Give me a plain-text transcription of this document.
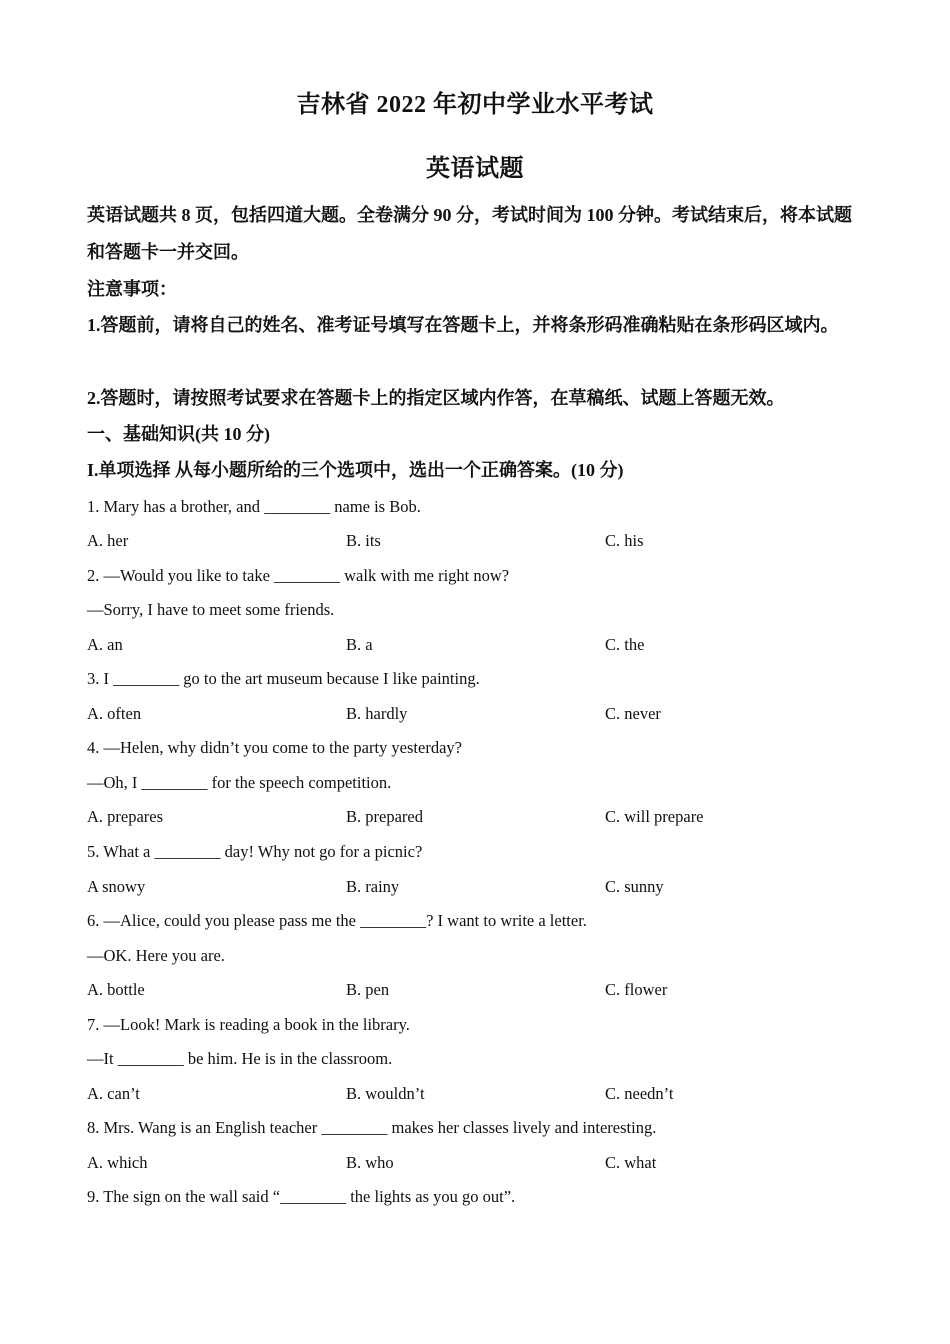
吉林省 2022 年初中学业水平考试
英语试题
英语试题共 8 页，包括四道大题。全卷满分 90 分，考试时间为 100 分钟。考试结束后，将本试题和答题卡一并交回。
注意事项：
1.答题前，请将自己的姓名、准考证号填写在答题卡上，并将条形码准确粘贴在条形码区域内。
2.答题时，请按照考试要求在答题卡上的指定区域内作答，在草稿纸、试题上答题无效。
一、基础知识(共 10 分)
I.单项选择 从每小题所给的三个选项中，选出一个正确答案。(10 分)
1. Mary has a brother, and ________ name is Bob.
A. her	B. its	C. his
2. —Would you like to take ________ walk with me right now?
—Sorry, I have to meet some friends.
A. an	B. a	C. the
3. I ________ go to the art museum because I like painting.
A. often	B. hardly	C. never
4. —Helen, why didn’t you come to the party yesterday?
—Oh, I ________ for the speech competition.
A. prepares	B. prepared	C. will prepare
5. What a ________ day! Why not go for a picnic?
A snowy	B. rainy	C. sunny
6. —Alice, could you please pass me the ________? I want to write a letter.
—OK. Here you are.
A. bottle	B. pen	C. flower
7. —Look! Mark is reading a book in the library.
—It ________ be him. He is in the classroom.
A. can’t	B. wouldn’t	C. needn’t
8. Mrs. Wang is an English teacher ________ makes her classes lively and interesting.
A. which	B. who	C. what
9. The sign on the wall said “________ the lights as you go out”.
